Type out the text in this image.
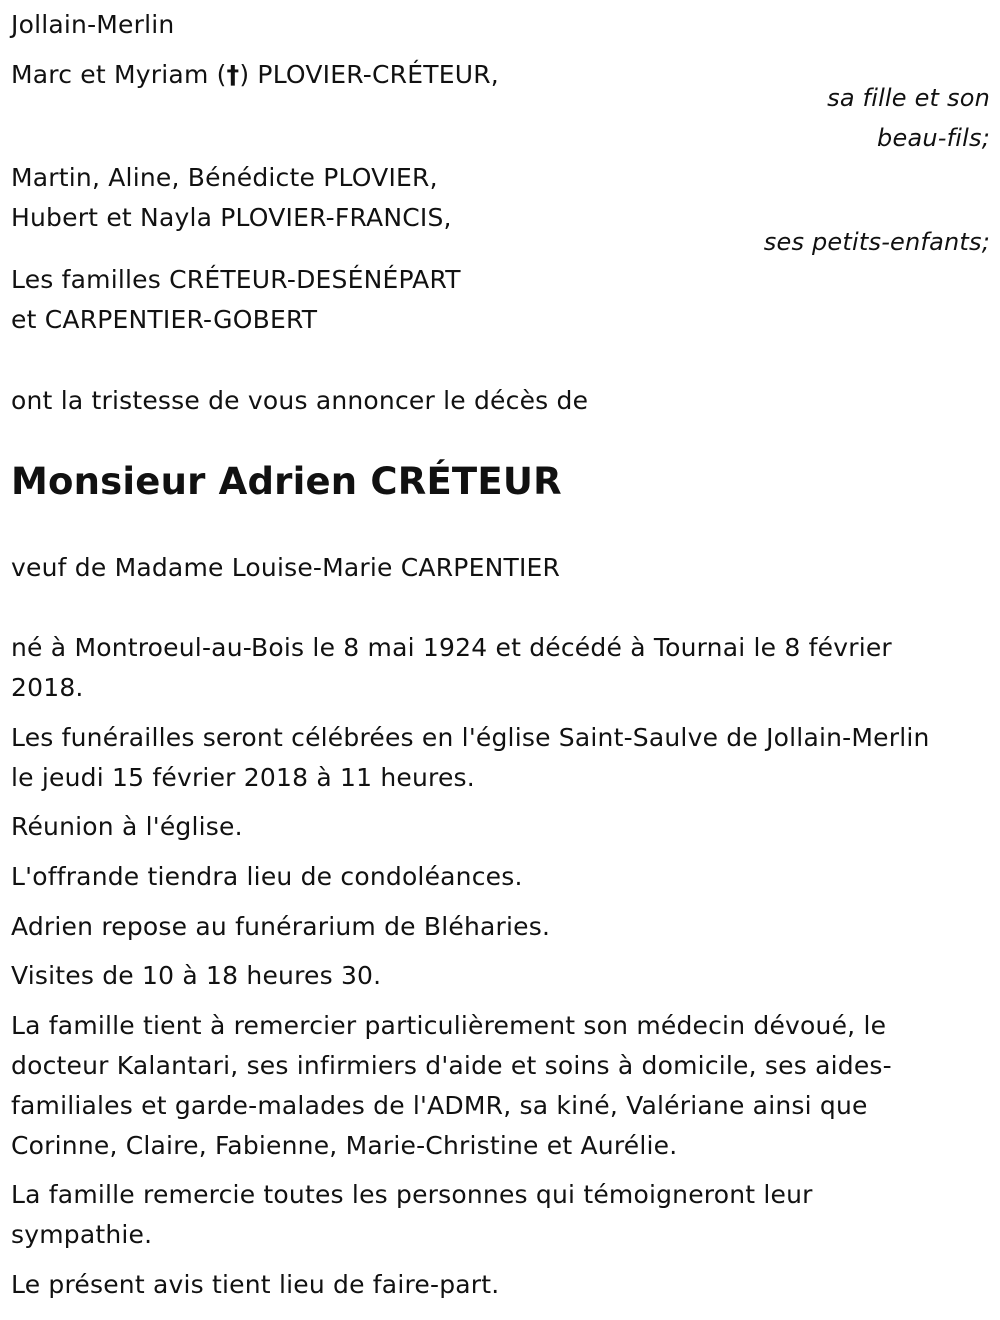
Jollain-Merlin
Marc et Myriam (†) PLOVIER-CRÉTEUR,
sa fille et son
beau-fils;
Martin, Aline, Bénédicte PLOVIER,
Hubert et Nayla PLOVIER-FRANCIS,
ses petits-enfants;
Les familles CRÉTEUR-DESÉNÉPART
et CARPENTIER-GOBERT
ont la tristesse de vous annoncer le décès de
Monsieur Adrien CRÉTEUR
veuf de Madame Louise-Marie CARPENTIER
né à Montroeul-au-Bois le 8 mai 1924 et décédé à Tournai le 8 février
2018.
Les funérailles seront célébrées en l'église Saint-Saulve de Jollain-Merlin
le jeudi 15 février 2018 à 11 heures.
Réunion à l'église.
L'offrande tiendra lieu de condoléances.
Adrien repose au funérarium de Bléharies.
Visites de 10 à 18 heures 30.
La famille tient à remercier particulièrement son médecin dévoué, le
docteur Kalantari, ses infirmiers d'aide et soins à domicile, ses aides-
familiales et garde-malades de l'ADMR, sa kiné, Valériane ainsi que
Corinne, Claire, Fabienne, Marie-Christine et Aurélie.
La famille remercie toutes les personnes qui témoigneront leur
sympathie.
Le présent avis tient lieu de faire-part.
